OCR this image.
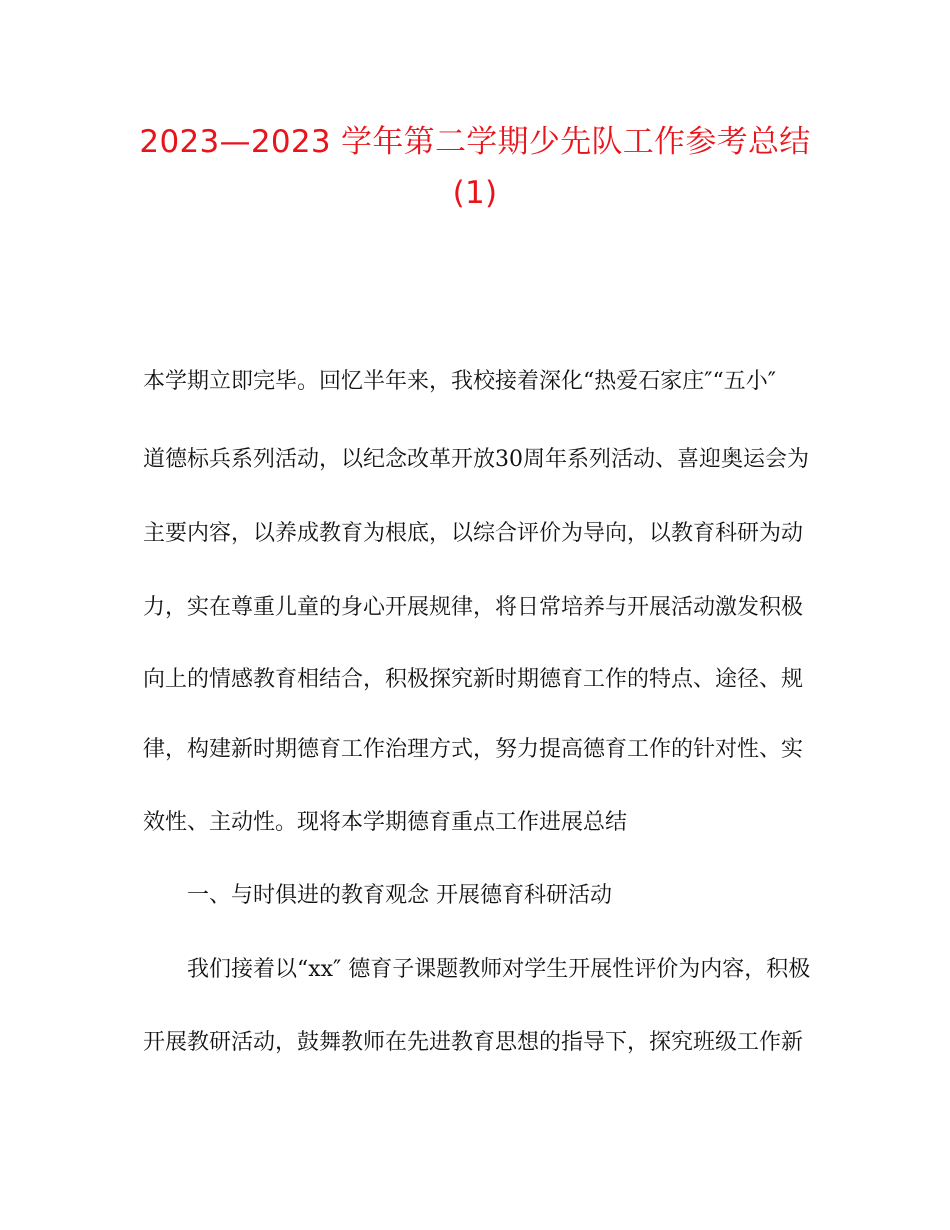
2023—2023 学年第二学期少先队工作参考总结
(1)
本学期立即完毕。回忆半年来，我校接着深化“热爱石家庄″“五小″
道德标兵系列活动，以纪念改革开放30周年系列活动、喜迎奥运会为
主要内容，以养成教育为根底，以综合评价为导向，以教育科研为动
力，实在尊重儿童的身心开展规律，将日常培养与开展活动激发积极
向上的情感教育相结合，积极探究新时期德育工作的特点、途径、规
律，构建新时期德育工作治理方式，努力提高德育工作的针对性、实
效性、主动性。现将本学期德育重点工作进展总结
一、与时俱进的教育观念 开展德育科研活动
我们接着以“xx″ 德育子课题教师对学生开展性评价为内容，积极
开展教研活动，鼓舞教师在先进教育思想的指导下，探究班级工作新
